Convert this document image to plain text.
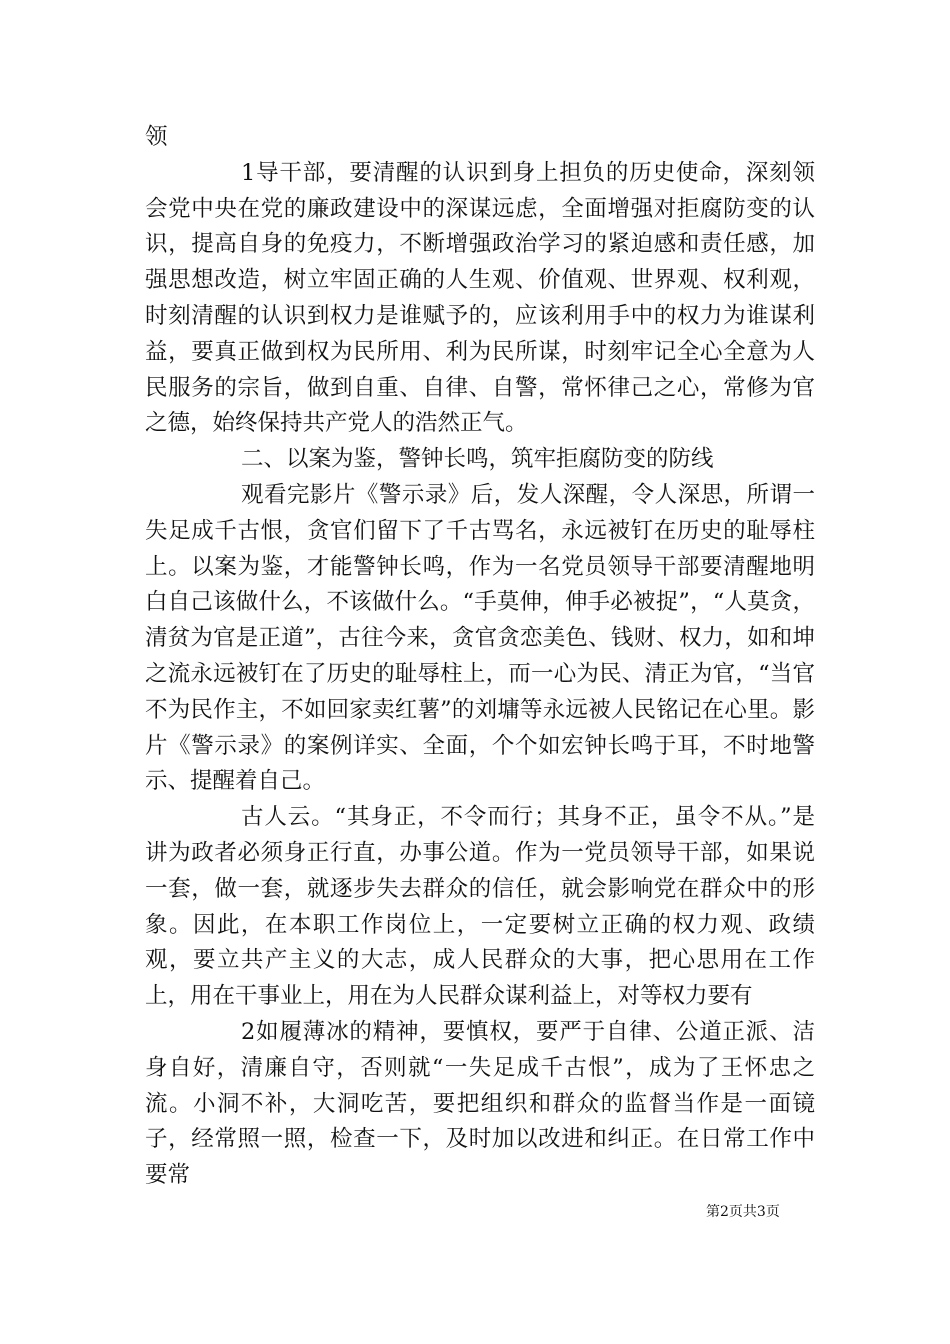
领

1导干部，要清醒的认识到身上担负的历史使命，深刻领会党中央在党的廉政建设中的深谋远虑，全面增强对拒腐防变的认识，提高自身的免疫力，不断增强政治学习的紧迫感和责任感，加强思想改造，树立牢固正确的人生观、价值观、世界观、权利观，时刻清醒的认识到权力是谁赋予的，应该利用手中的权力为谁谋利益，要真正做到权为民所用、利为民所谋，时刻牢记全心全意为人民服务的宗旨，做到自重、自律、自警，常怀律己之心，常修为官之德，始终保持共产党人的浩然正气。

二、以案为鉴，警钟长鸣，筑牢拒腐防变的防线

观看完影片《警示录》后，发人深醒，令人深思，所谓一失足成千古恨，贪官们留下了千古骂名，永远被钉在历史的耻辱柱上。以案为鉴，才能警钟长鸣，作为一名党员领导干部要清醒地明白自己该做什么，不该做什么。“手莫伸，伸手必被捉”，“人莫贪，清贫为官是正道”，古往今来，贪官贪恋美色、钱财、权力，如和坤之流永远被钉在了历史的耻辱柱上，而一心为民、清正为官，“当官不为民作主，不如回家卖红薯”的刘墉等永远被人民铭记在心里。影片《警示录》的案例详实、全面，个个如宏钟长鸣于耳，不时地警示、提醒着自己。

古人云。“其身正，不令而行；其身不正，虽令不从。”是讲为政者必须身正行直，办事公道。作为一党员领导干部，如果说一套，做一套，就逐步失去群众的信任，就会影响党在群众中的形象。因此，在本职工作岗位上，一定要树立正确的权力观、政绩观，要立共产主义的大志，成人民群众的大事，把心思用在工作上，用在干事业上，用在为人民群众谋利益上，对等权力要有

2如履薄冰的精神，要慎权，要严于自律、公道正派、洁身自好，清廉自守，否则就“一失足成千古恨”，成为了王怀忠之流。小洞不补，大洞吃苦，要把组织和群众的监督当作是一面镜子，经常照一照，检查一下，及时加以改进和纠正。在日常工作中要常

第2页共3页
